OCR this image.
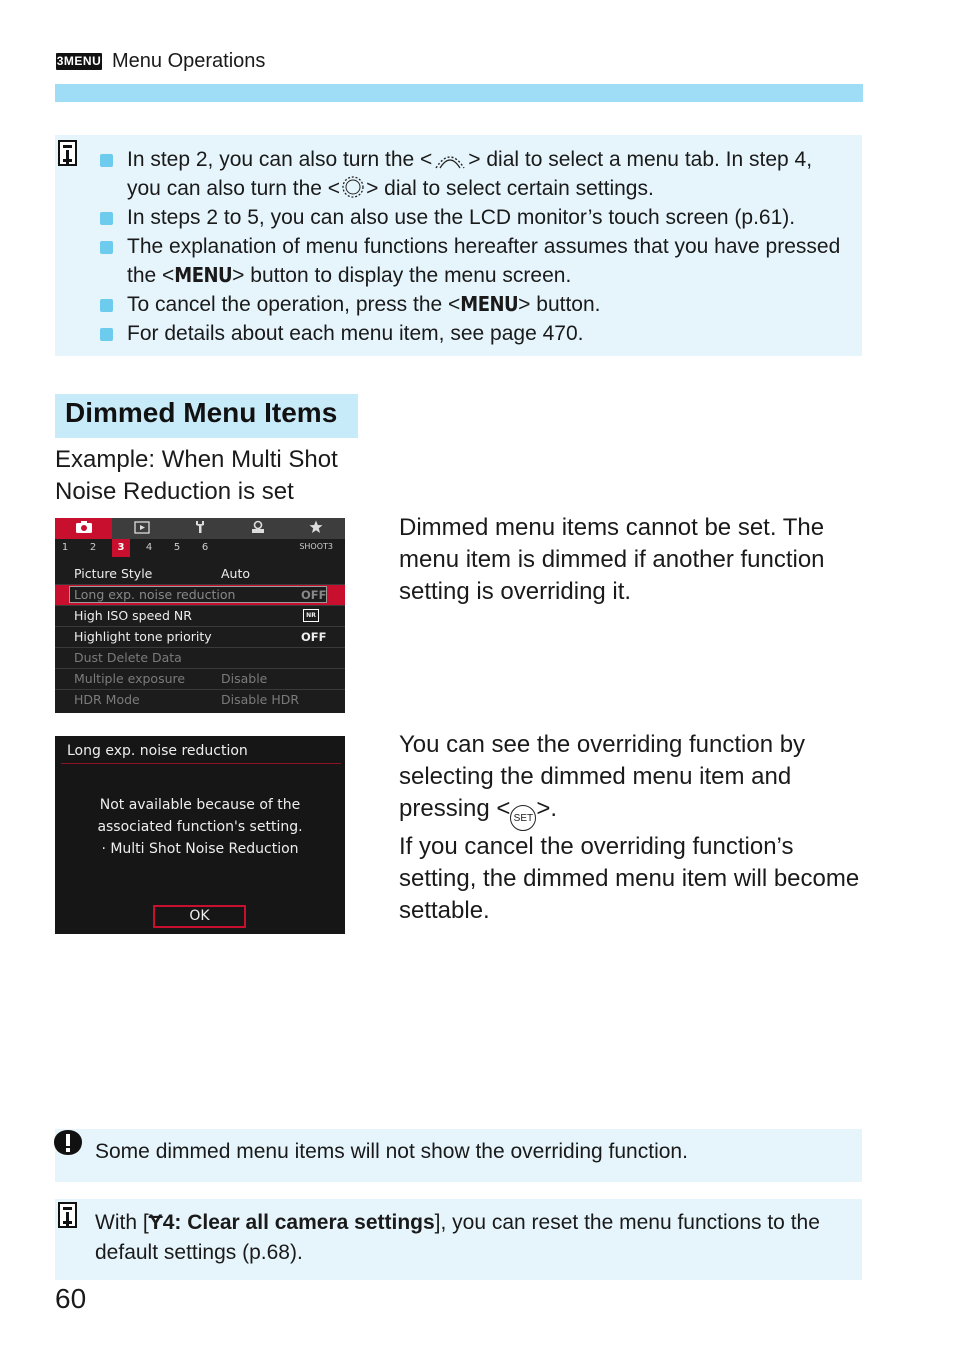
3MENU Menu Operations
In step 2, you can also turn the < > dial to select a menu tab. In step 4, you can also turn the < > dial to select certain settings.
In steps 2 to 5, you can also use the LCD monitor’s touch screen (p.61).
The explanation of menu functions hereafter assumes that you have pressed the <MENU> button to display the menu screen.
To cancel the operation, press the <MENU> button.
For details about each menu item, see page 470.
Dimmed Menu Items
Example: When Multi Shot Noise Reduction is set
1	2	3	4	5	6	SHOOT3
Picture Style	Auto
Long exp. noise reduction	OFF
High ISO speed NR	NR
Highlight tone priority	OFF
Dust Delete Data
Multiple exposure	Disable
HDR Mode	Disable HDR
Dimmed menu items cannot be set. The menu item is dimmed if another function setting is overriding it.
Long exp. noise reduction
Not available because of the
associated function's setting.
· Multi Shot Noise Reduction
OK
You can see the overriding function by selecting the dimmed menu item and pressing < SET >.
If you cancel the overriding function’s setting, the dimmed menu item will become settable.
Some dimmed menu items will not show the overriding function.
With [Ɏ4: Clear all camera settings], you can reset the menu functions to the default settings (p.68).
60
